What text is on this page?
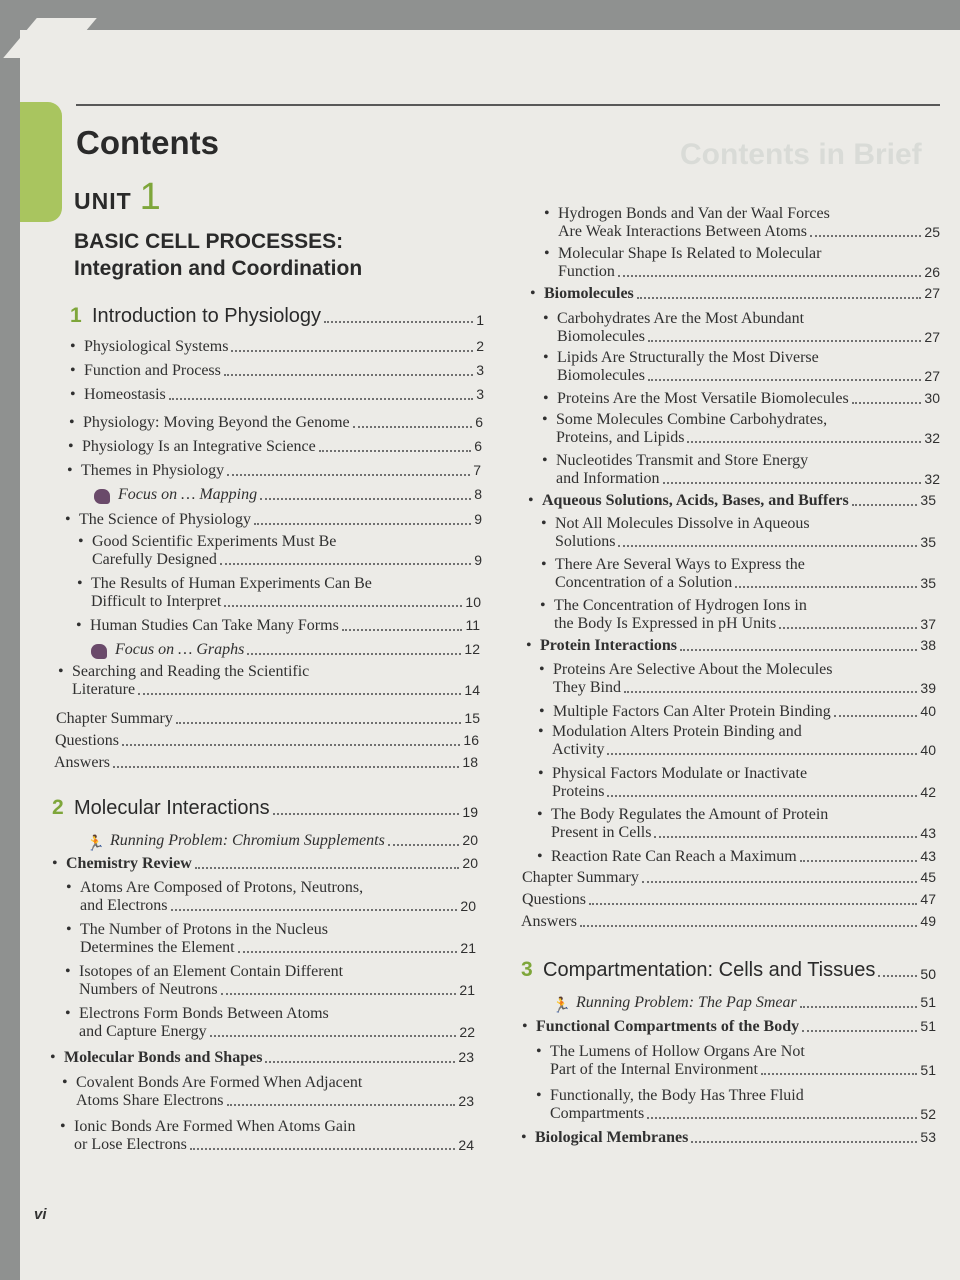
Contents in Brief
Contents
UNIT 1
BASIC CELL PROCESSES:
Integration and Coordination
1 Introduction to Physiology	1
• Physiological Systems	2
• Function and Process	3
• Homeostasis	3
• Physiology: Moving Beyond the Genome	6
• Physiology Is an Integrative Science	6
• Themes in Physiology	7
Focus on … Mapping	8
• The Science of Physiology	9
• Good Scientific Experiments Must Be
Carefully Designed	9
• The Results of Human Experiments Can Be
Difficult to Interpret	10
• Human Studies Can Take Many Forms	11
Focus on … Graphs	12
• Searching and Reading the Scientific
Literature	14
Chapter Summary	15
Questions	16
Answers	18
2 Molecular Interactions	19
🏃 Running Problem: Chromium Supplements	20
• Chemistry Review	20
• Atoms Are Composed of Protons, Neutrons,
and Electrons	20
• The Number of Protons in the Nucleus
Determines the Element	21
• Isotopes of an Element Contain Different
Numbers of Neutrons	21
• Electrons Form Bonds Between Atoms
and Capture Energy	22
• Molecular Bonds and Shapes	23
• Covalent Bonds Are Formed When Adjacent
Atoms Share Electrons	23
• Ionic Bonds Are Formed When Atoms Gain
or Lose Electrons	24
• Hydrogen Bonds and Van der Waal Forces
Are Weak Interactions Between Atoms	25
• Molecular Shape Is Related to Molecular
Function	26
• Biomolecules	27
• Carbohydrates Are the Most Abundant
Biomolecules	27
• Lipids Are Structurally the Most Diverse
Biomolecules	27
• Proteins Are the Most Versatile Biomolecules	30
• Some Molecules Combine Carbohydrates,
Proteins, and Lipids	32
• Nucleotides Transmit and Store Energy
and Information	32
• Aqueous Solutions, Acids, Bases, and Buffers	35
• Not All Molecules Dissolve in Aqueous
Solutions	35
• There Are Several Ways to Express the
Concentration of a Solution	35
• The Concentration of Hydrogen Ions in
the Body Is Expressed in pH Units	37
• Protein Interactions	38
• Proteins Are Selective About the Molecules
They Bind	39
• Multiple Factors Can Alter Protein Binding	40
• Modulation Alters Protein Binding and
Activity	40
• Physical Factors Modulate or Inactivate
Proteins	42
• The Body Regulates the Amount of Protein
Present in Cells	43
• Reaction Rate Can Reach a Maximum	43
Chapter Summary	45
Questions	47
Answers	49
3 Compartmentation: Cells and Tissues	50
🏃 Running Problem: The Pap Smear	51
• Functional Compartments of the Body	51
• The Lumens of Hollow Organs Are Not
Part of the Internal Environment	51
• Functionally, the Body Has Three Fluid
Compartments	52
• Biological Membranes	53
vi
